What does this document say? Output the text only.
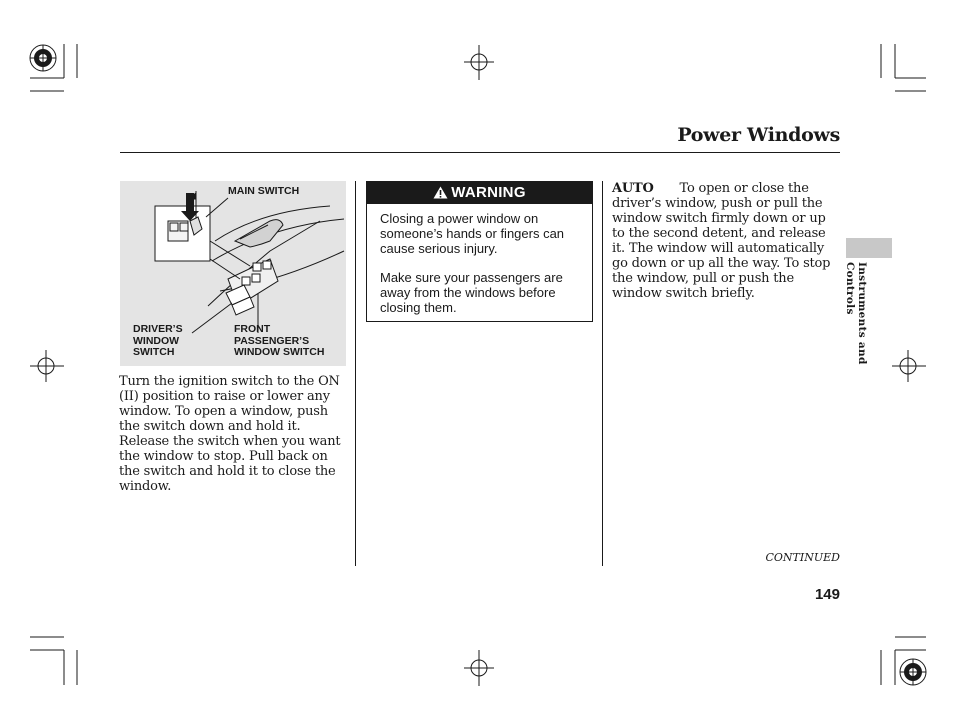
Power Windows
MAIN SWITCH
DRIVER’S
WINDOW
SWITCH
FRONT
PASSENGER’S
WINDOW SWITCH
Turn the ignition switch to the ON (II) position to raise or lower any window. To open a window, push the switch down and hold it. Release the switch when you want the window to stop. Pull back on the switch and hold it to close the window.
WARNING
Closing a power window on someone’s hands or fingers can cause serious injury.
Make sure your passengers are away from the windows before closing them.
AUTO To open or close the driver’s window, push or pull the window switch firmly down or up to the second detent, and release it. The window will automatically go down or up all the way. To stop the window, pull or push the window switch briefly.	Instruments and Controls
CONTINUED
149
